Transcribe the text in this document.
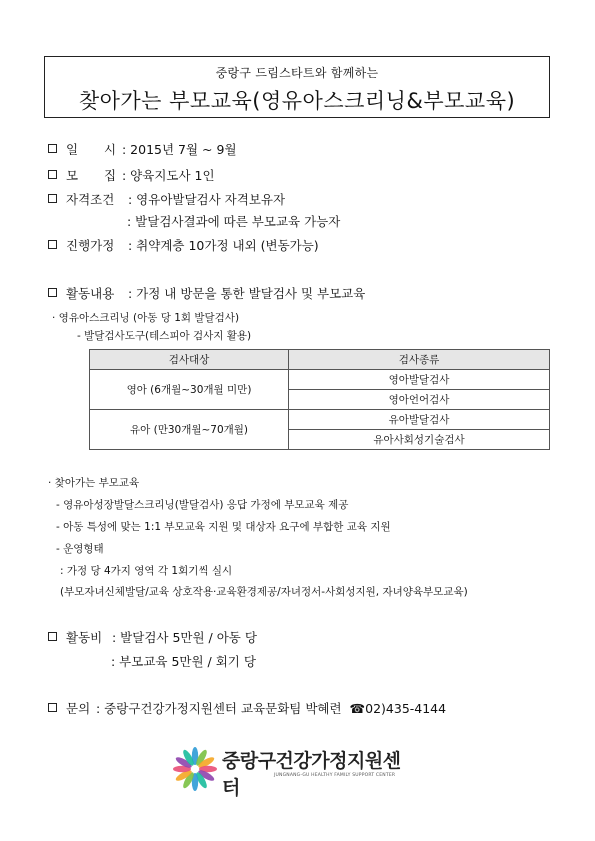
중랑구 드림스타트와 함께하는
찾아가는 부모교육(영유아스크리닝&부모교육)
일 시 : 2015년 7월 ~ 9월
모 집 : 양육지도사 1인
자격조건 : 영유아발달검사 자격보유자
: 발달검사결과에 따른 부모교육 가능자
진행가정 : 취약계층 10가정 내외 (변동가능)
활동내용 : 가정 내 방문을 통한 발달검사 및 부모교육
· 영유아스크리닝 (아동 당 1회 발달검사)
- 발달검사도구(테스피아 검사지 활용)
검사대상	검사종류
영아 (6개월~30개월 미만)	영아발달검사
	영아언어검사
유아 (만30개월~70개월)	유아발달검사
	유아사회성기술검사
· 찾아가는 부모교육
- 영유아성장발달스크리닝(발달검사) 응답 가정에 부모교육 제공
- 아동 특성에 맞는 1:1 부모교육 지원 및 대상자 요구에 부합한 교육 지원
- 운영형태
: 가정 당 4가지 영역 각 1회기씩 실시
(부모자녀신체발달/교육 상호작용·교육환경제공/자녀정서-사회성지원, 자녀양육부모교육)
활동비 : 발달검사 5만원 / 아동 당
: 부모교육 5만원 / 회기 당
문의 : 중랑구건강가정지원센터 교육문화팀 박혜련 ☎02)435-4144
중랑구건강가정지원센터
JUNGNANG-GU HEALTHY FAMILY SUPPORT CENTER
